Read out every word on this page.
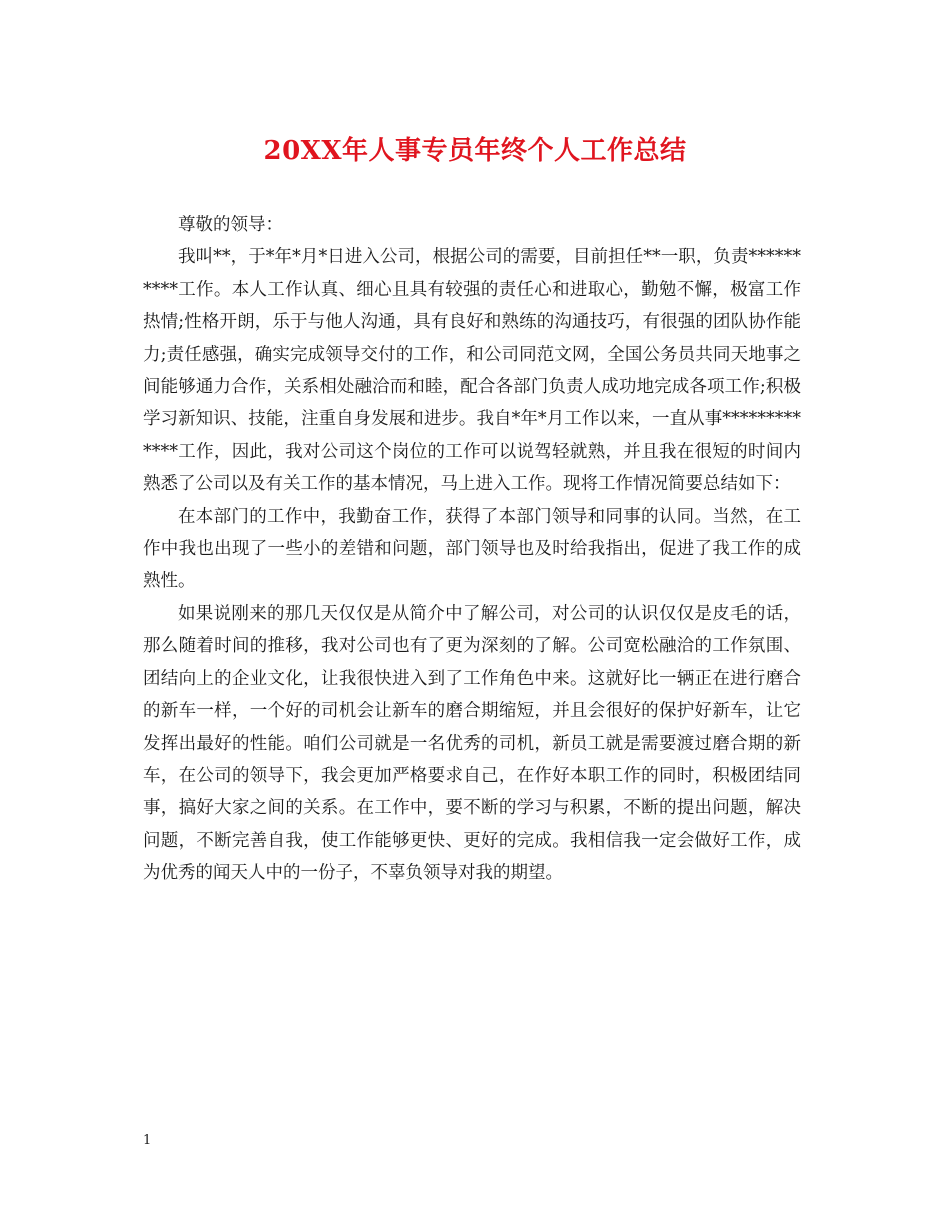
20XX年人事专员年终个人工作总结

尊敬的领导：

我叫**，于*年*月*日进入公司，根据公司的需要，目前担任**一职，负责**********工作。本人工作认真、细心且具有较强的责任心和进取心，勤勉不懈，极富工作热情;性格开朗，乐于与他人沟通，具有良好和熟练的沟通技巧，有很强的团队协作能力;责任感强，确实完成领导交付的工作，和公司同范文网，全国公务员共同天地事之间能够通力合作，关系相处融洽而和睦，配合各部门负责人成功地完成各项工作;积极学习新知识、技能，注重自身发展和进步。我自*年*月工作以来，一直从事*************工作，因此，我对公司这个岗位的工作可以说驾轻就熟，并且我在很短的时间内熟悉了公司以及有关工作的基本情况，马上进入工作。现将工作情况简要总结如下：

在本部门的工作中，我勤奋工作，获得了本部门领导和同事的认同。当然，在工作中我也出现了一些小的差错和问题，部门领导也及时给我指出，促进了我工作的成熟性。

如果说刚来的那几天仅仅是从简介中了解公司，对公司的认识仅仅是皮毛的话，那么随着时间的推移，我对公司也有了更为深刻的了解。公司宽松融洽的工作氛围、团结向上的企业文化，让我很快进入到了工作角色中来。这就好比一辆正在进行磨合的新车一样，一个好的司机会让新车的磨合期缩短，并且会很好的保护好新车，让它发挥出最好的性能。咱们公司就是一名优秀的司机，新员工就是需要渡过磨合期的新车，在公司的领导下，我会更加严格要求自己，在作好本职工作的同时，积极团结同事，搞好大家之间的关系。在工作中，要不断的学习与积累，不断的提出问题，解决问题，不断完善自我，使工作能够更快、更好的完成。我相信我一定会做好工作，成为优秀的闻天人中的一份子，不辜负领导对我的期望。

1
